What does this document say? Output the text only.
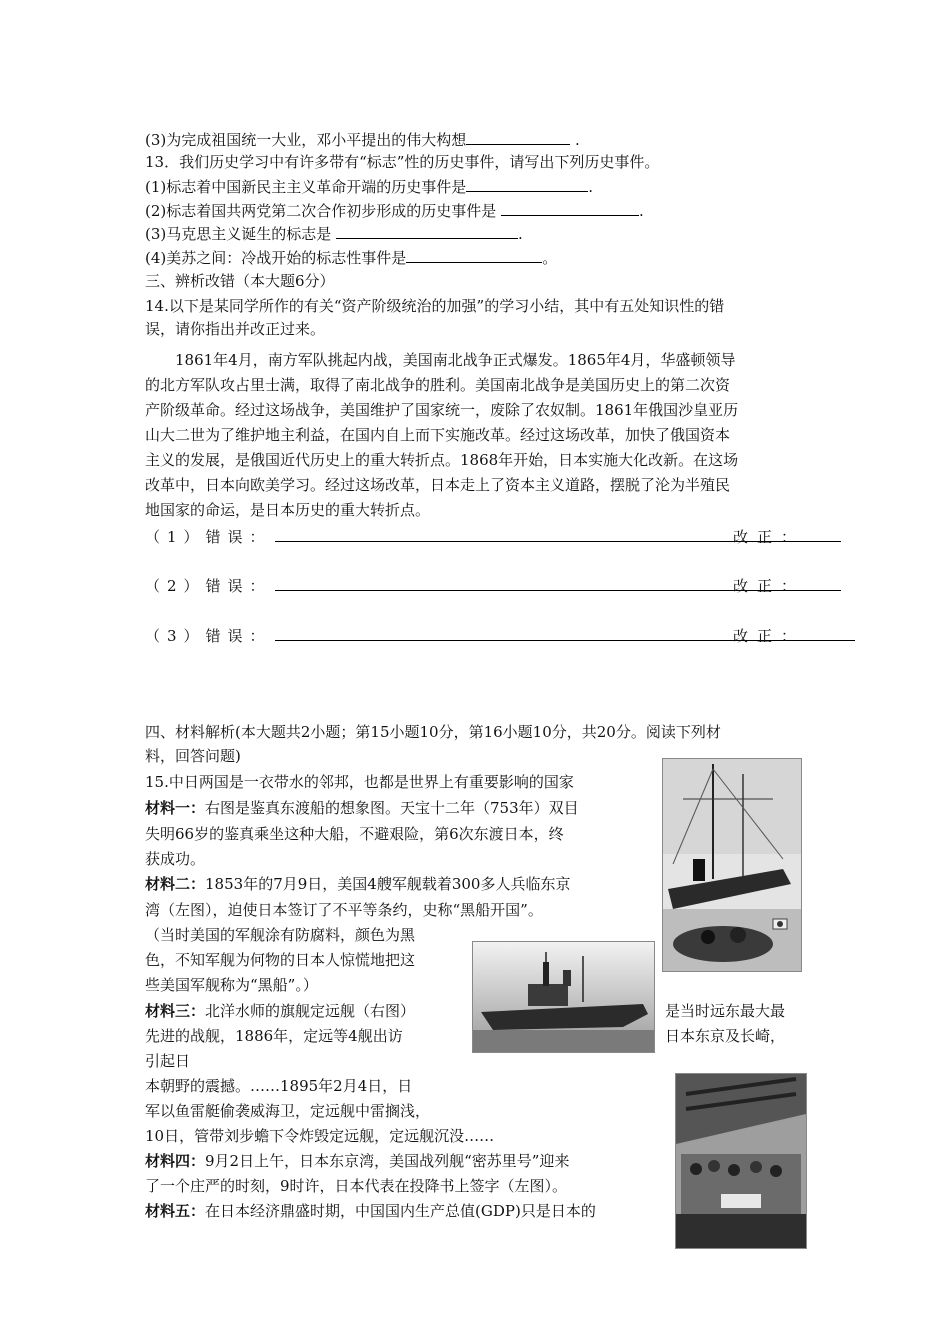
(3)为完成祖国统一大业，邓小平提出的伟大构想	.
13．我们历史学习中有许多带有“标志”性的历史事件，请写出下列历史事件。
(1)标志着中国新民主主义革命开端的历史事件是	.
(2)标志着国共两党第二次合作初步形成的历史事件是	.
(3)马克思主义诞生的标志是	.
(4)美苏之间：冷战开始的标志性事件是	。
三、辨析改错（本大题6分）
14.以下是某同学所作的有关“资产阶级统治的加强”的学习小结，其中有五处知识性的错
误，请你指出并改正过来。
1861年4月，南方军队挑起内战，美国南北战争正式爆发。1865年4月，华盛顿领导
的北方军队攻占里士满，取得了南北战争的胜利。美国南北战争是美国历史上的第二次资
产阶级革命。经过这场战争，美国维护了国家统一，废除了农奴制。1861年俄国沙皇亚历
山大二世为了维护地主利益，在国内自上而下实施改革。经过这场改革，加快了俄国资本
主义的发展，是俄国近代历史上的重大转折点。1868年开始，日本实施大化改新。在这场
改革中，日本向欧美学习。经过这场改革，日本走上了资本主义道路，摆脱了沦为半殖民
地国家的命运，是日本历史的重大转折点。
（1）错误：	改正：
（2）错误：	改正：
（3）错误：	改正：
四、材料解析(本大题共2小题；第15小题10分，第16小题10分，共20分。阅读下列材
料，回答问题)
15.中日两国是一衣带水的邻邦，也都是世界上有重要影响的国家
材料一：右图是鉴真东渡船的想象图。天宝十二年（753年）双目
失明66岁的鉴真乘坐这种大船，不避艰险，第6次东渡日本，终
获成功。
材料二：1853年的7月9日，美国4艘军舰载着300多人兵临东京
湾（左图），迫使日本签订了不平等条约，史称“黑船开国”。
（当时美国的军舰涂有防腐料，颜色为黑
色，不知军舰为何物的日本人惊慌地把这
些美国军舰称为“黑船”。）
材料三：北洋水师的旗舰定远舰（右图）	是当时远东最大最
先进的战舰，1886年，定远等4舰出访	日本东京及长崎，
引起日
本朝野的震撼。……1895年2月4日，日
军以鱼雷艇偷袭威海卫，定远舰中雷搁浅，
10日，管带刘步蟾下令炸毁定远舰，定远舰沉没……
材料四：9月2日上午，日本东京湾，美国战列舰“密苏里号”迎来
了一个庄严的时刻，9时许，日本代表在投降书上签字（左图）。
材料五：在日本经济鼎盛时期，中国国内生产总值(GDP)只是日本的
